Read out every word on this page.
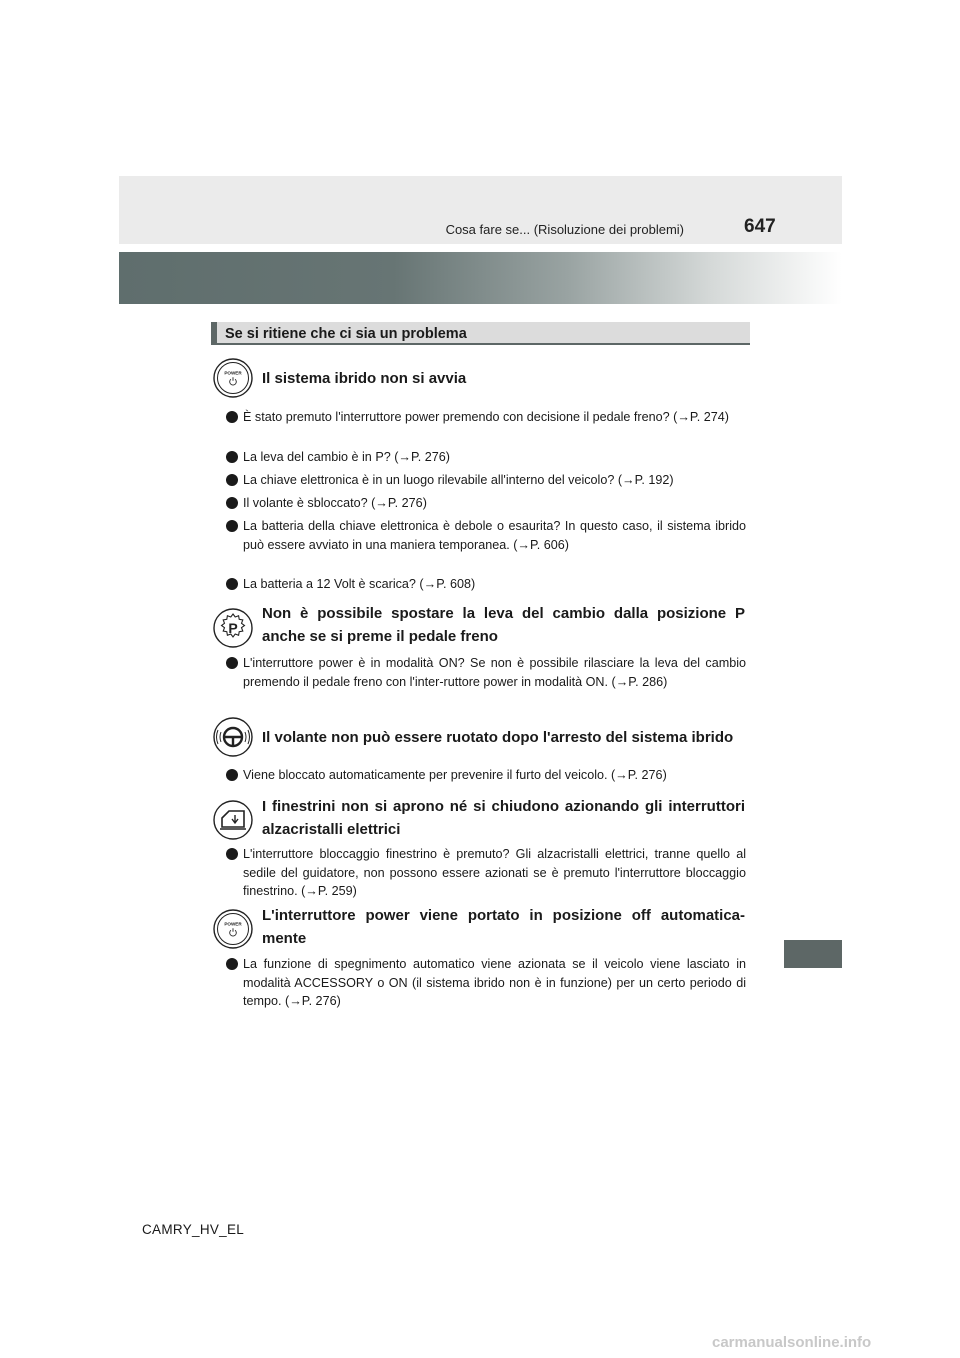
Cosa fare se... (Risoluzione dei problemi)	647
Se si ritiene che ci sia un problema
POWER Il sistema ibrido non si avvia
È stato premuto l'interruttore power premendo con decisione il pedale freno? (→P. 274)
La leva del cambio è in P? (→P. 276)
La chiave elettronica è in un luogo rilevabile all'interno del veicolo? (→P. 192)
Il volante è sbloccato? (→P. 276)
La batteria della chiave elettronica è debole o esaurita? In questo caso, il sistema ibrido può essere avviato in una maniera temporanea. (→P. 606)
La batteria a 12 Volt è scarica? (→P. 608)
P
Non è possibile spostare la leva del cambio dalla posizione P anche se si preme il pedale freno
L'interruttore power è in modalità ON? Se non è possibile rilasciare la leva del cambio premendo il pedale freno con l'inter-ruttore power in modalità ON. (→P. 286)
Il volante non può essere ruotato dopo l'arresto del sistema ibrido
Viene bloccato automaticamente per prevenire il furto del veicolo. (→P. 276)
I finestrini non si aprono né si chiudono azionando gli interruttori alzacristalli elettrici
L'interruttore bloccaggio finestrino è premuto? Gli alzacristalli elettrici, tranne quello al sedile del guidatore, non possono essere azionati se è premuto l'interruttore bloccaggio finestrino. (→P. 259)
POWER L'interruttore power viene portato in posizione off automatica-mente
La funzione di spegnimento automatico viene azionata se il veicolo viene lasciato in modalità ACCESSORY o ON (il sistema ibrido non è in funzione) per un certo periodo di tempo. (→P. 276)
CAMRY_HV_EL
carmanualsonline.info
